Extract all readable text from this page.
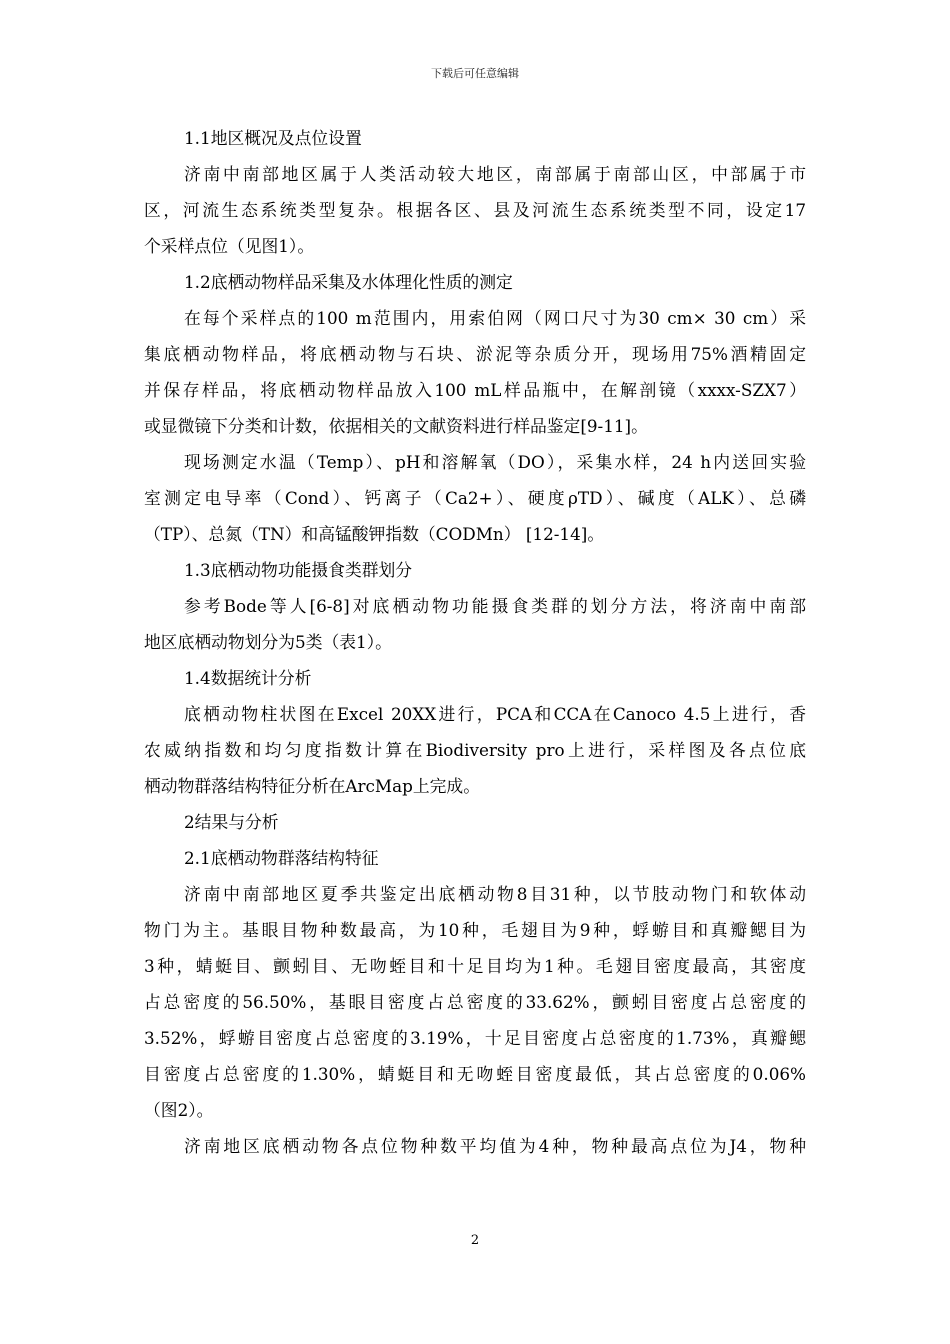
下载后可任意编辑
1.1地区概况及点位设置
济南中南部地区属于人类活动较大地区，南部属于南部山区，中部属于市
区，河流生态系统类型复杂。根据各区、县及河流生态系统类型不同，设定17
个采样点位（见图1）。
1.2底栖动物样品采集及水体理化性质的测定
在每个采样点的100 m范围内，用索伯网（网口尺寸为30 cm× 30 cm）采
集底栖动物样品，将底栖动物与石块、淤泥等杂质分开，现场用75%酒精固定
并保存样品，将底栖动物样品放入100 mL样品瓶中，在解剖镜（xxxx-SZX7）
或显微镜下分类和计数，依据相关的文献资料进行样品鉴定[9-11]。
现场测定水温（Temp）、pH和溶解氧（DO），采集水样，24 h内送回实验
室测定电导率（Cond）、钙离子（Ca2+）、硬度ρTD）、碱度（ALK）、总磷
（TP）、总氮（TN）和高锰酸钾指数（CODMn） [12-14]。
1.3底栖动物功能摄食类群划分
参考Bode等人[6-8]对底栖动物功能摄食类群的划分方法，将济南中南部
地区底栖动物划分为5类（表1）。
1.4数据统计分析
底栖动物柱状图在Excel 20XX进行，PCA和CCA在Canoco 4.5上进行，香
农威纳指数和均匀度指数计算在Biodiversity pro上进行，采样图及各点位底
栖动物群落结构特征分析在ArcMap上完成。
2结果与分析
2.1底栖动物群落结构特征
济南中南部地区夏季共鉴定出底栖动物8目31种，以节肢动物门和软体动
物门为主。基眼目物种数最高，为10种，毛翅目为9种，蜉蝣目和真瓣鳃目为
3种，蜻蜓目、颤蚓目、无吻蛭目和十足目均为1种。毛翅目密度最高，其密度
占总密度的56.50%，基眼目密度占总密度的33.62%，颤蚓目密度占总密度的
3.52%，蜉蝣目密度占总密度的3.19%，十足目密度占总密度的1.73%，真瓣鳃
目密度占总密度的1.30%，蜻蜓目和无吻蛭目密度最低，其占总密度的0.06%
（图2）。
济南地区底栖动物各点位物种数平均值为4种，物种最高点位为J4，物种
2
